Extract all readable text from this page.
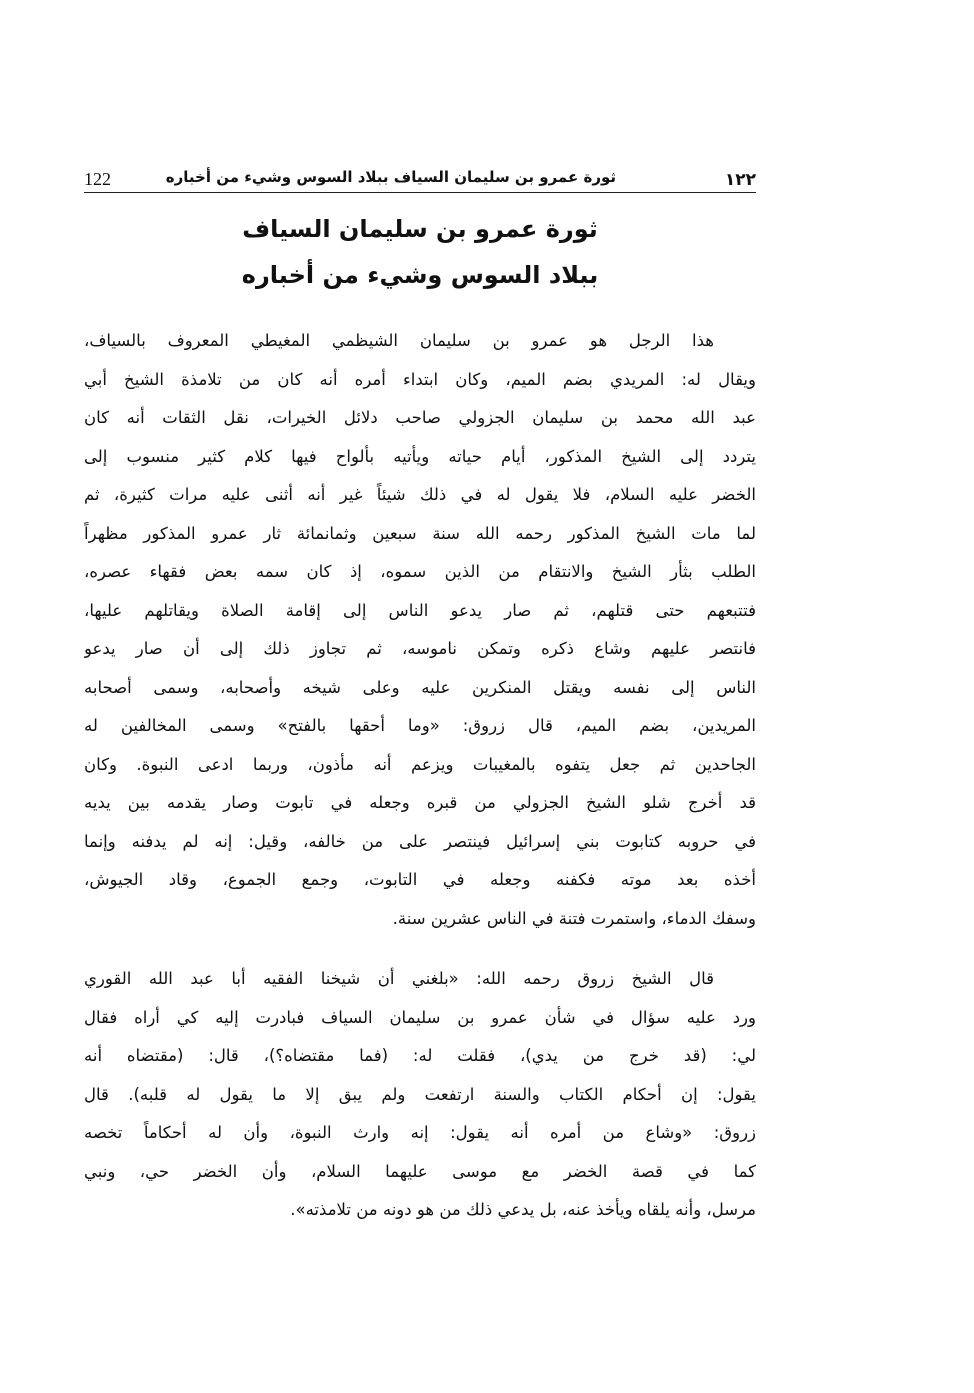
١٢٢
ثورة عمرو بن سليمان السياف ببلاد السوس وشيء من أخباره
122
ثورة عمرو بن سليمان السياف
ببلاد السوس وشيء من أخباره
هذا الرجل هو عمرو بن سليمان الشيظمي المغيطي المعروف بالسياف،
ويقال له: المريدي بضم الميم، وكان ابتداء أمره أنه كان من تلامذة الشيخ أبي
عبد الله محمد بن سليمان الجزولي صاحب دلائل الخيرات، نقل الثقات أنه كان
يتردد إلى الشيخ المذكور، أيام حياته ويأتيه بألواح فيها كلام كثير منسوب إلى
الخضر عليه السلام، فلا يقول له في ذلك شيئاً غير أنه أثنى عليه مرات كثيرة، ثم
لما مات الشيخ المذكور رحمه الله سنة سبعين وثمانمائة ثار عمرو المذكور مظهراً
الطلب بثأر الشيخ والانتقام من الذين سموه، إذ كان سمه بعض فقهاء عصره،
فتتبعهم حتى قتلهم، ثم صار يدعو الناس إلى إقامة الصلاة ويقاتلهم عليها،
فانتصر عليهم وشاع ذكره وتمكن ناموسه، ثم تجاوز ذلك إلى أن صار يدعو
الناس إلى نفسه ويقتل المنكرين عليه وعلى شيخه وأصحابه، وسمى أصحابه
المريدين، بضم الميم، قال زروق: «وما أحقها بالفتح» وسمى المخالفين له
الجاحدين ثم جعل يتفوه بالمغيبات ويزعم أنه مأذون، وربما ادعى النبوة. وكان
قد أخرج شلو الشيخ الجزولي من قبره وجعله في تابوت وصار يقدمه بين يديه
في حروبه كتابوت بني إسرائيل فينتصر على من خالفه، وقيل: إنه لم يدفنه وإنما
أخذه بعد موته فكفنه وجعله في التابوت، وجمع الجموع، وقاد الجيوش،
وسفك الدماء، واستمرت فتنة في الناس عشرين سنة.
قال الشيخ زروق رحمه الله: «بلغني أن شيخنا الفقيه أبا عبد الله القوري
ورد عليه سؤال في شأن عمرو بن سليمان السياف فبادرت إليه كي أراه فقال
لي: (قد خرج من يدي)، فقلت له: (فما مقتضاه؟)، قال: (مقتضاه أنه
يقول: إن أحكام الكتاب والسنة ارتفعت ولم يبق إلا ما يقول له قلبه). قال
زروق: «وشاع من أمره أنه يقول: إنه وارث النبوة، وأن له أحكاماً تخصه
كما في قصة الخضر مع موسى عليهما السلام، وأن الخضر حي، ونبي
مرسل، وأنه يلقاه ويأخذ عنه، بل يدعي ذلك من هو دونه من تلامذته».
